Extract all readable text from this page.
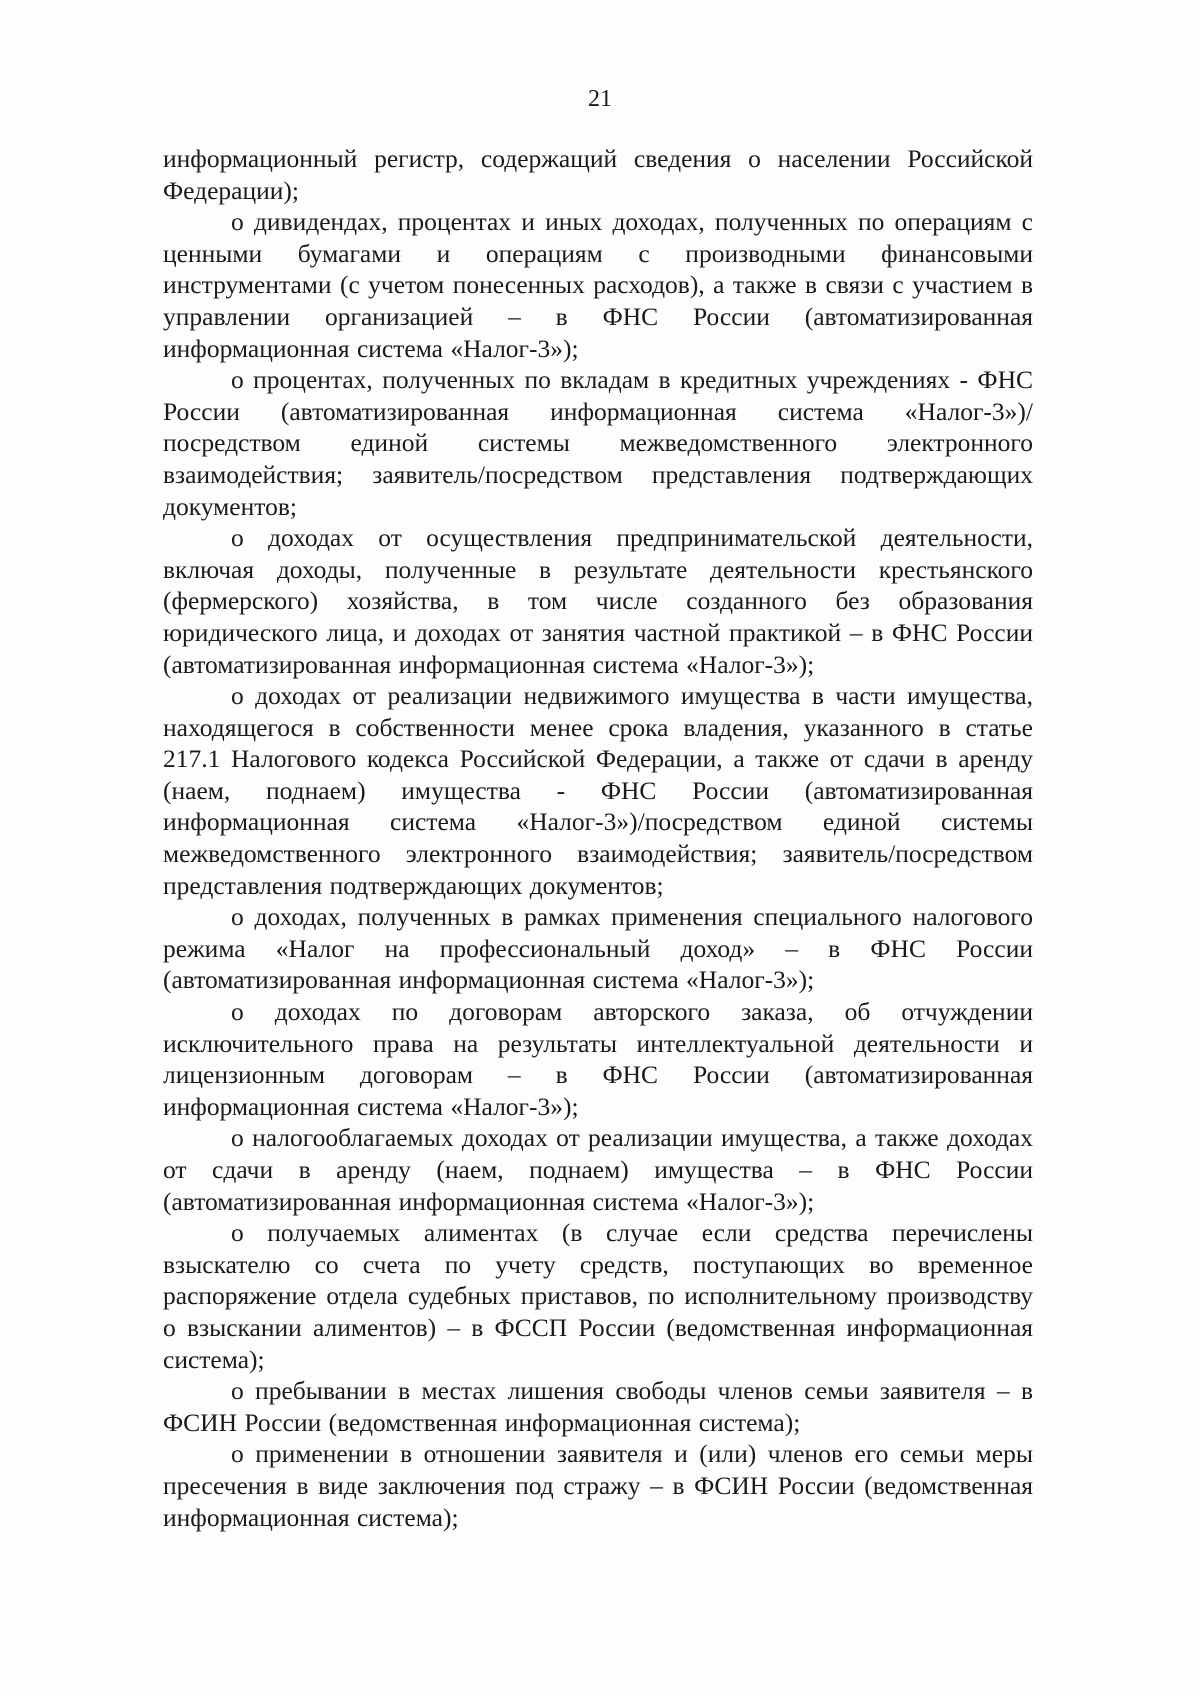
21

информационный регистр, содержащий сведения о населении Российской Федерации);

о дивидендах, процентах и иных доходах, полученных по операциям с ценными бумагами и операциям с производными финансовыми инструментами (с учетом понесенных расходов), а также в связи с участием в управлении организацией – в ФНС России (автоматизированная информационная система «Налог-3»);

о процентах, полученных по вкладам в кредитных учреждениях - ФНС России (автоматизированная информационная система «Налог-3»)/посредством единой системы межведомственного электронного взаимодействия; заявитель/посредством представления подтверждающих документов;

о доходах от осуществления предпринимательской деятельности, включая доходы, полученные в результате деятельности крестьянского (фермерского) хозяйства, в том числе созданного без образования юридического лица, и доходах от занятия частной практикой – в ФНС России (автоматизированная информационная система «Налог-3»);

о доходах от реализации недвижимого имущества в части имущества, находящегося в собственности менее срока владения, указанного в статье 217.1 Налогового кодекса Российской Федерации, а также от сдачи в аренду (наем, поднаем) имущества - ФНС России (автоматизированная информационная система «Налог-3»)/посредством единой системы межведомственного электронного взаимодействия; заявитель/посредством представления подтверждающих документов;

о доходах, полученных в рамках применения специального налогового режима «Налог на профессиональный доход» – в ФНС России (автоматизированная информационная система «Налог-3»);

о доходах по договорам авторского заказа, об отчуждении исключительного права на результаты интеллектуальной деятельности и лицензионным договорам – в ФНС России (автоматизированная информационная система «Налог-3»);

о налогооблагаемых доходах от реализации имущества, а также доходах от сдачи в аренду (наем, поднаем) имущества – в ФНС России (автоматизированная информационная система «Налог-3»);

о получаемых алиментах (в случае если средства перечислены взыскателю со счета по учету средств, поступающих во временное распоряжение отдела судебных приставов, по исполнительному производству о взыскании алиментов) – в ФССП России (ведомственная информационная система);

о пребывании в местах лишения свободы членов семьи заявителя – в ФСИН России (ведомственная информационная система);

о применении в отношении заявителя и (или) членов его семьи меры пресечения в виде заключения под стражу – в ФСИН России (ведомственная информационная система);
